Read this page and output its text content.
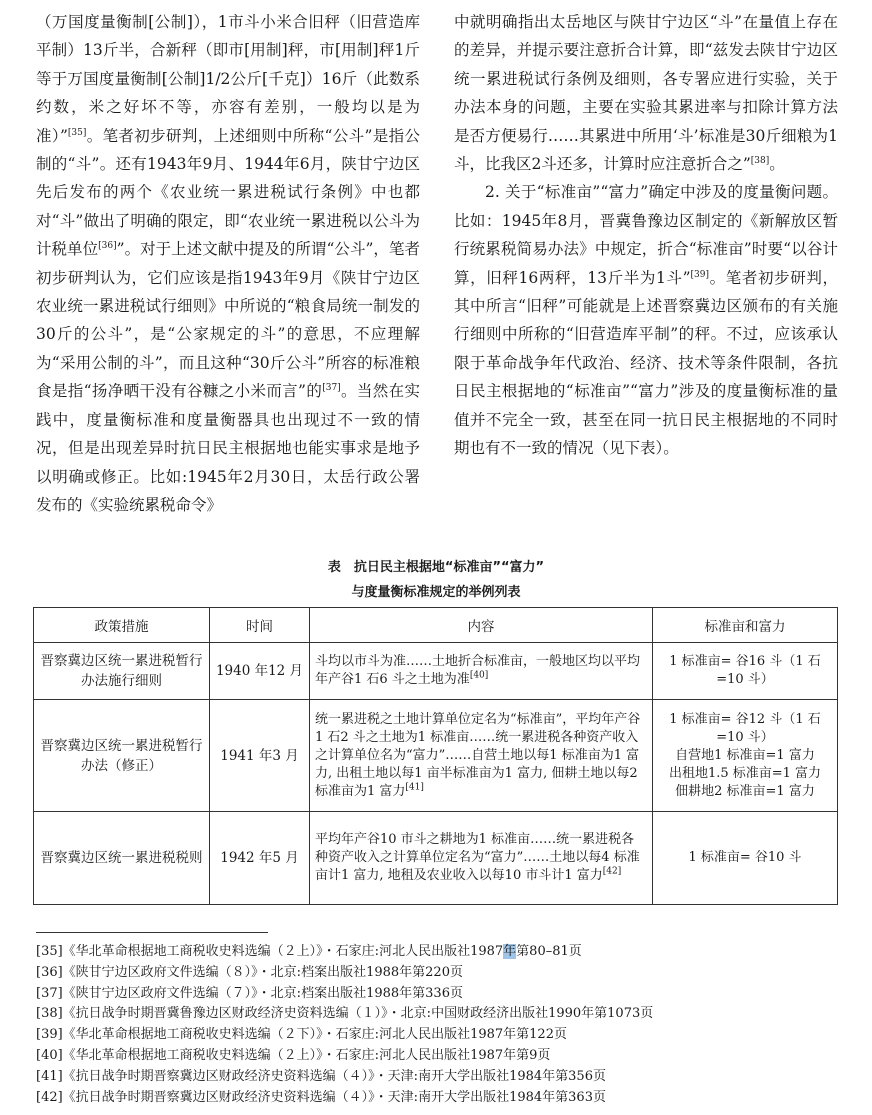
（万国度量衡制[公制]），1市斗小米合旧秤（旧营造库平制）13斤半，合新秤（即市[用制]秤，市[用制]秤1斤等于万国度量衡制[公制]1/2公斤[千克]）16斤（此数系约数，米之好坏不等，亦容有差别，一般均以是为准）”[35]。笔者初步研判，上述细则中所称“公斗”是指公制的“斗”。还有1943年9月、1944年6月，陕甘宁边区先后发布的两个《农业统一累进税试行条例》中也都对“斗”做出了明确的限定，即“农业统一累进税以公斗为计税单位[36]”。对于上述文献中提及的所谓“公斗”，笔者初步研判认为，它们应该是指1943年9月《陕甘宁边区农业统一累进税试行细则》中所说的“粮食局统一制发的30斤的公斗”，是“公家规定的斗”的意思，不应理解为“采用公制的斗”，而且这种“30斤公斗”所容的标准粮食是指“扬净晒干没有谷糠之小米而言”的[37]。当然在实践中，度量衡标准和度量衡器具也出现过不一致的情况，但是出现差异时抗日民主根据地也能实事求是地予以明确或修正。比如:1945年2月30日，太岳行政公署发布的《实验统累税命令》

中就明确指出太岳地区与陕甘宁边区“斗”在量值上存在的差异，并提示要注意折合计算，即“兹发去陕甘宁边区统一累进税试行条例及细则，各专署应进行实验，关于办法本身的问题，主要在实验其累进率与扣除计算方法是否方便易行……其累进中所用‘斗’标准是30斤细粮为1斗，比我区2斗还多，计算时应注意折合之”[38]。

2. 关于“标准亩”“富力”确定中涉及的度量衡问题。比如：1945年8月，晋冀鲁豫边区制定的《新解放区暂行统累税简易办法》中规定，折合“标准亩”时要“以谷计算，旧秤16两秤，13斤半为1斗”[39]。笔者初步研判，其中所言“旧秤”可能就是上述晋察冀边区颁布的有关施行细则中所称的“旧营造库平制”的秤。不过，应该承认限于革命战争年代政治、经济、技术等条件限制，各抗日民主根据地的“标准亩”“富力”涉及的度量衡标准的量值并不完全一致，甚至在同一抗日民主根据地的不同时期也有不一致的情况（见下表）。

表　抗日民主根据地“标准亩”“富力”
与度量衡标准规定的举例列表
政策措施	时间	内容	标准亩和富力
晋察冀边区统一累进税暂行办法施行细则	1940 年12 月	斗均以市斗为准……土地折合标准亩，一般地区均以平均年产谷1 石6 斗之土地为准[40]	1 标准亩= 谷16 斗（1 石=10 斗）

晋察冀边区统一累进税暂行办法（修正）	1941 年3 月	统一累进税之土地计算单位定名为“标准亩”，平均年产谷1 石2 斗之土地为1 标准亩……统一累进税各种资产收入之计算单位名为“富力”……自营土地以每1 标准亩为1 富力, 出租土地以每1 亩半标准亩为1 富力, 佃耕土地以每2 标准亩为1 富力[41]	1 标准亩= 谷12 斗（1 石=10 斗）
自营地1 标准亩=1 富力
出租地1.5 标准亩=1 富力
佃耕地2 标准亩=1 富力

晋察冀边区统一累进税税则	1942 年5 月	平均年产谷10 市斗之耕地为1 标准亩……统一累进税各种资产收入之计算单位定名为“富力”……土地以每4 标准亩计1 富力, 地租及农业收入以每10 市斗计1 富力[42]	1 标准亩= 谷10 斗
[35]《华北革命根据地工商税收史料选编（２上）》・石家庄:河北人民出版社1987年第80–81页
[36]《陕甘宁边区政府文件选编（８）》・北京:档案出版社1988年第220页
[37]《陕甘宁边区政府文件选编（７）》・北京:档案出版社1988年第336页
[38]《抗日战争时期晋冀鲁豫边区财政经济史资料选编（１）》・北京:中国财政经济出版社1990年第1073页
[39]《华北革命根据地工商税收史料选编（２下）》・石家庄:河北人民出版社1987年第122页
[40]《华北革命根据地工商税收史料选编（２上）》・石家庄:河北人民出版社1987年第9页
[41]《抗日战争时期晋察冀边区财政经济史资料选编（４）》・天津:南开大学出版社1984年第356页
[42]《抗日战争时期晋察冀边区财政经济史资料选编（４）》・天津:南开大学出版社1984年第363页
